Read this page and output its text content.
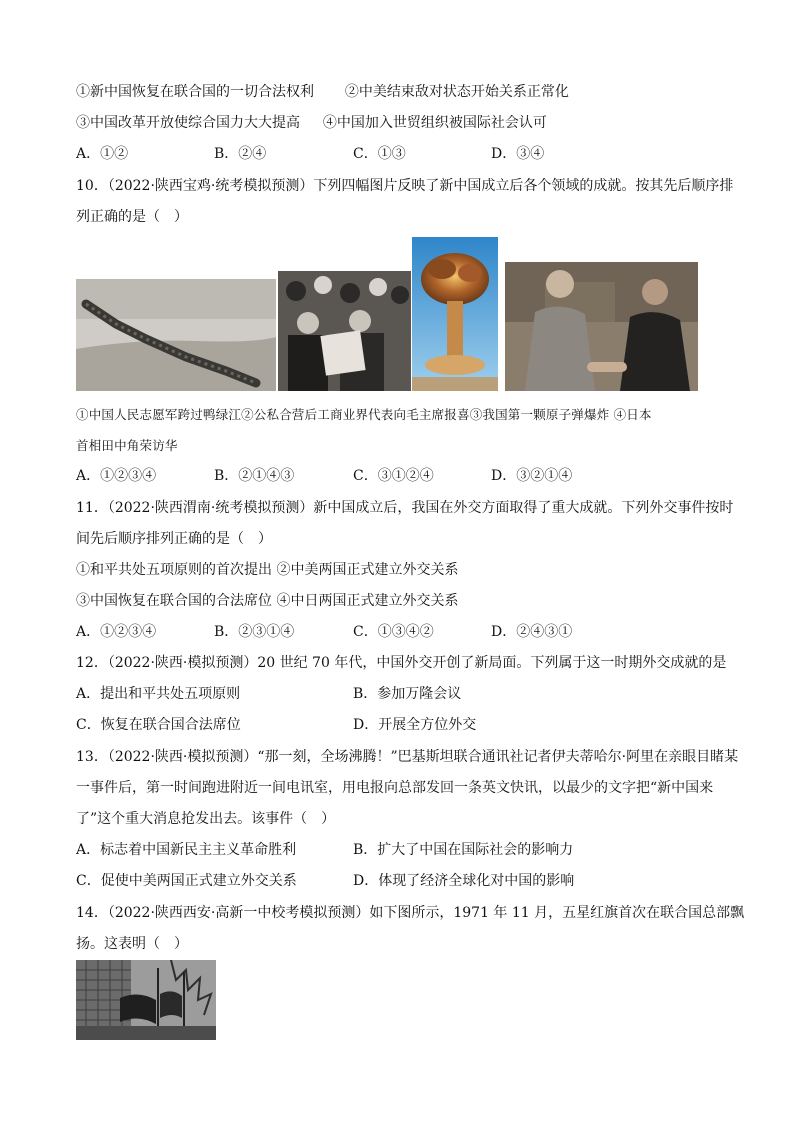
①新中国恢复在联合国的一切合法权利 ②中美结束敌对状态开始关系正常化
③中国改革开放使综合国力大大提高 ④中国加入世贸组织被国际社会认可
A．①②	B．②④	C．①③	D．③④
10．（2022·陕西宝鸡·统考模拟预测）下列四幅图片反映了新中国成立后各个领域的成就。按其先后顺序排
列正确的是（　）
①中国人民志愿军跨过鸭绿江②公私合营后工商业界代表向毛主席报喜③我国第一颗原子弹爆炸 ④日本
首相田中角荣访华
A．①②③④	B．②①④③	C．③①②④	D．③②①④
11．（2022·陕西渭南·统考模拟预测）新中国成立后，我国在外交方面取得了重大成就。下列外交事件按时
间先后顺序排列正确的是（　）
①和平共处五项原则的首次提出 ②中美两国正式建立外交关系
③中国恢复在联合国的合法席位 ④中日两国正式建立外交关系
A．①②③④	B．②③①④	C．①③④②	D．②④③①
12．（2022·陕西·模拟预测）20 世纪 70 年代，中国外交开创了新局面。下列属于这一时期外交成就的是
A．提出和平共处五项原则	B．参加万隆会议
C．恢复在联合国合法席位	D．开展全方位外交
13．（2022·陕西·模拟预测）“那一刻，全场沸腾！”巴基斯坦联合通讯社记者伊夫蒂哈尔·阿里在亲眼目睹某
一事件后，第一时间跑进附近一间电讯室，用电报向总部发回一条英文快讯，以最少的文字把“新中国来
了”这个重大消息抢发出去。该事件（　）
A．标志着中国新民主主义革命胜利	B．扩大了中国在国际社会的影响力
C．促使中美两国正式建立外交关系	D．体现了经济全球化对中国的影响
14．（2022·陕西西安·高新一中校考模拟预测）如下图所示，1971 年 11 月，五星红旗首次在联合国总部飘
扬。这表明（　）
